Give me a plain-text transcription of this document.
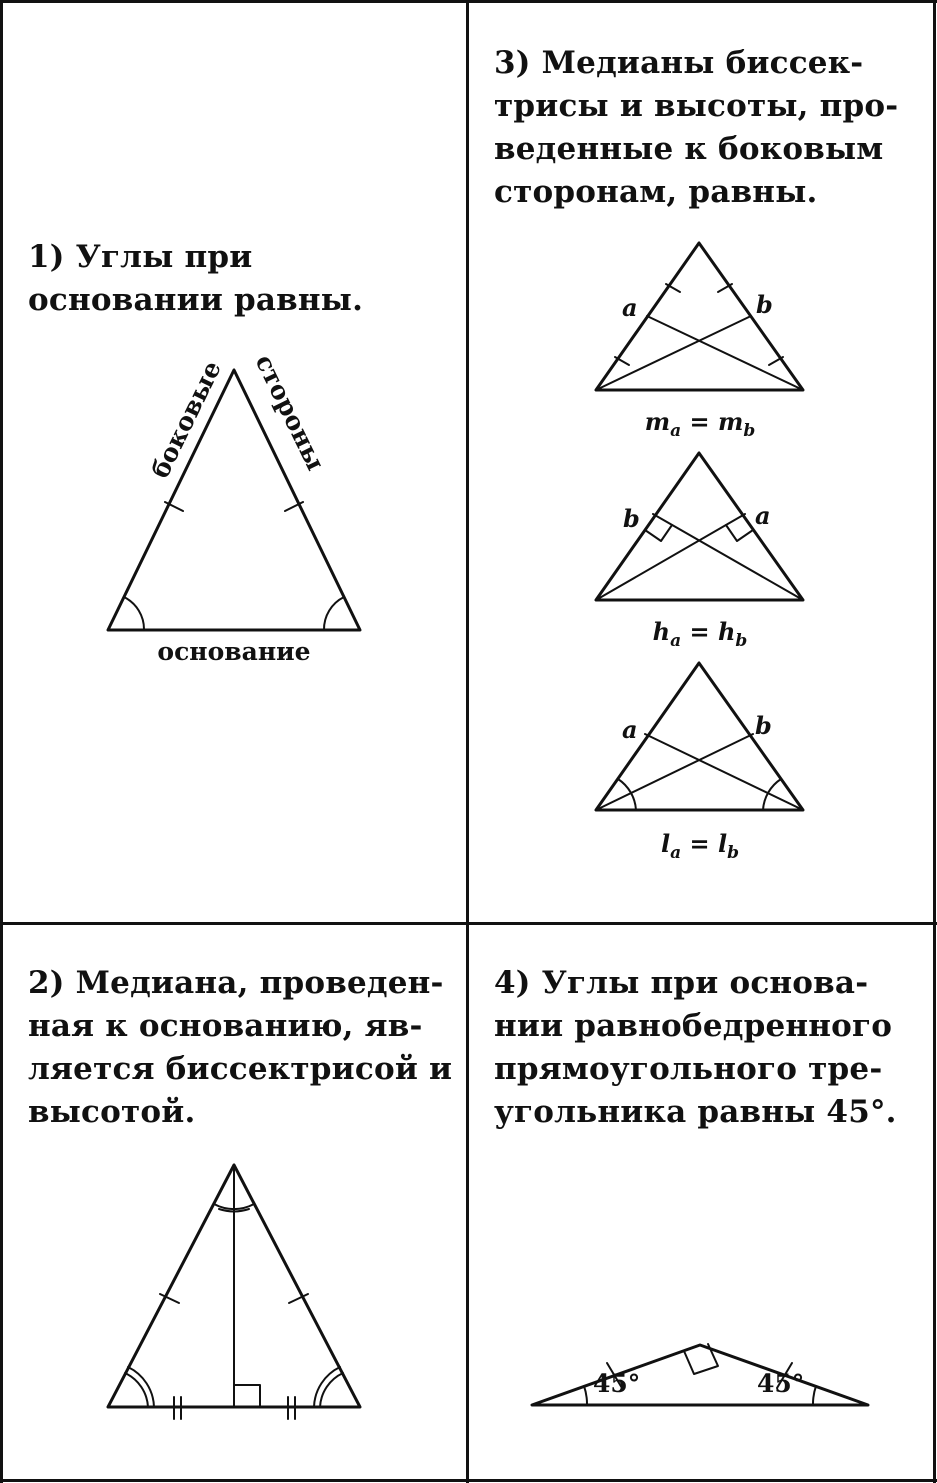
1) Углы при
основании равны.
3) Медианы биссек-
трисы и высоты, про-
веденные к боковым
сторонам, равны.
2) Медиана, проведен-
ная к основанию, яв-
ляется биссектрисой и
высотой.
4) Углы при основа-
нии равнобедренного
прямоугольного тре-
угольника равны 45°.
боковые стороны
основание
a	b
ma = mb
b	a
ha = hb
a	b
la = lb
45°	45°
